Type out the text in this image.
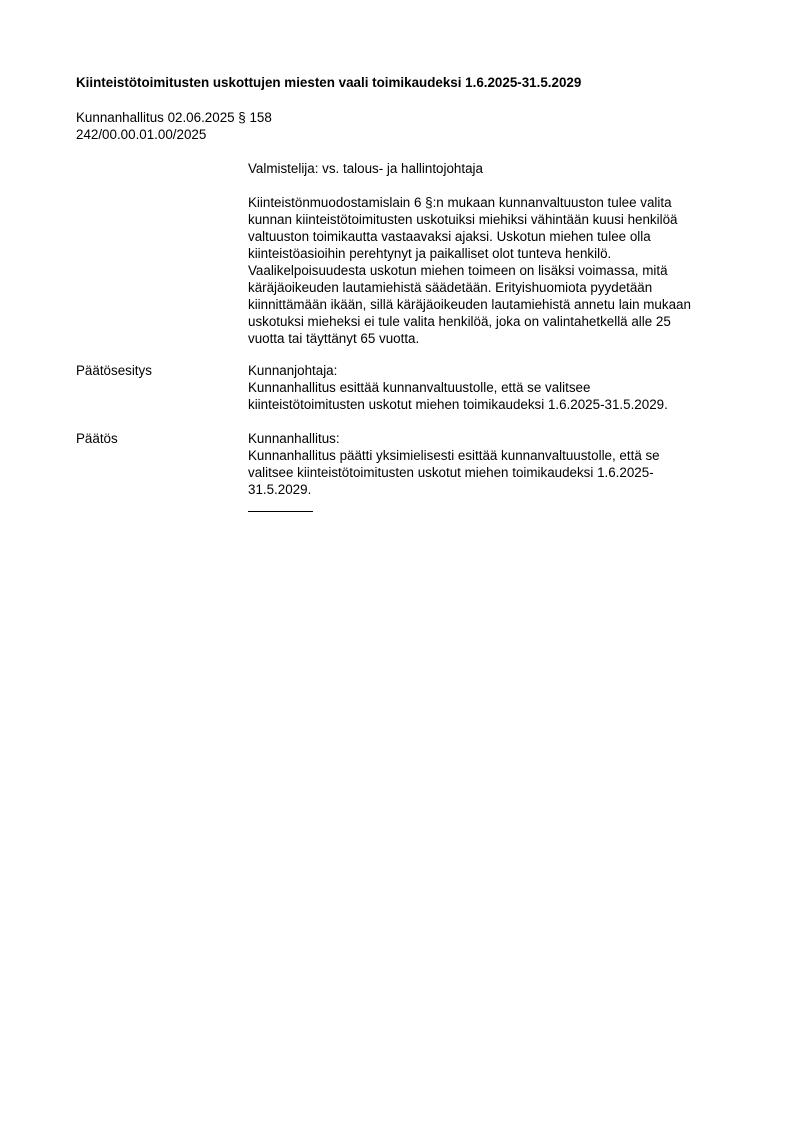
Kiinteistötoimitusten uskottujen miesten vaali toimikaudeksi 1.6.2025-31.5.2029
Kunnanhallitus 02.06.2025 § 158
242/00.00.01.00/2025
Valmistelija: vs. talous- ja hallintojohtaja
Kiinteistönmuodostamislain 6 §:n mukaan kunnanvaltuuston tulee valita
kunnan kiinteistötoimitusten uskotuiksi miehiksi vähintään kuusi henkilöä
valtuuston toimikautta vastaavaksi ajaksi. Uskotun miehen tulee olla
kiinteistöasioihin perehtynyt ja paikalliset olot tunteva henkilö.
Vaalikelpoisuudesta uskotun miehen toimeen on lisäksi voimassa, mitä
käräjäoikeuden lautamiehistä säädetään. Erityishuomiota pyydetään
kiinnittämään ikään, sillä käräjäoikeuden lautamiehistä annetu lain mukaan
uskotuksi mieheksi ei tule valita henkilöä, joka on valintahetkellä alle 25
vuotta tai täyttänyt 65 vuotta.
Päätösesitys	Kunnanjohtaja:
Kunnanhallitus esittää kunnanvaltuustolle, että se valitsee
kiinteistötoimitusten uskotut miehen toimikaudeksi 1.6.2025-31.5.2029.
Päätös	Kunnanhallitus:
Kunnanhallitus päätti yksimielisesti esittää kunnanvaltuustolle, että se
valitsee kiinteistötoimitusten uskotut miehen toimikaudeksi 1.6.2025-
31.5.2029.
